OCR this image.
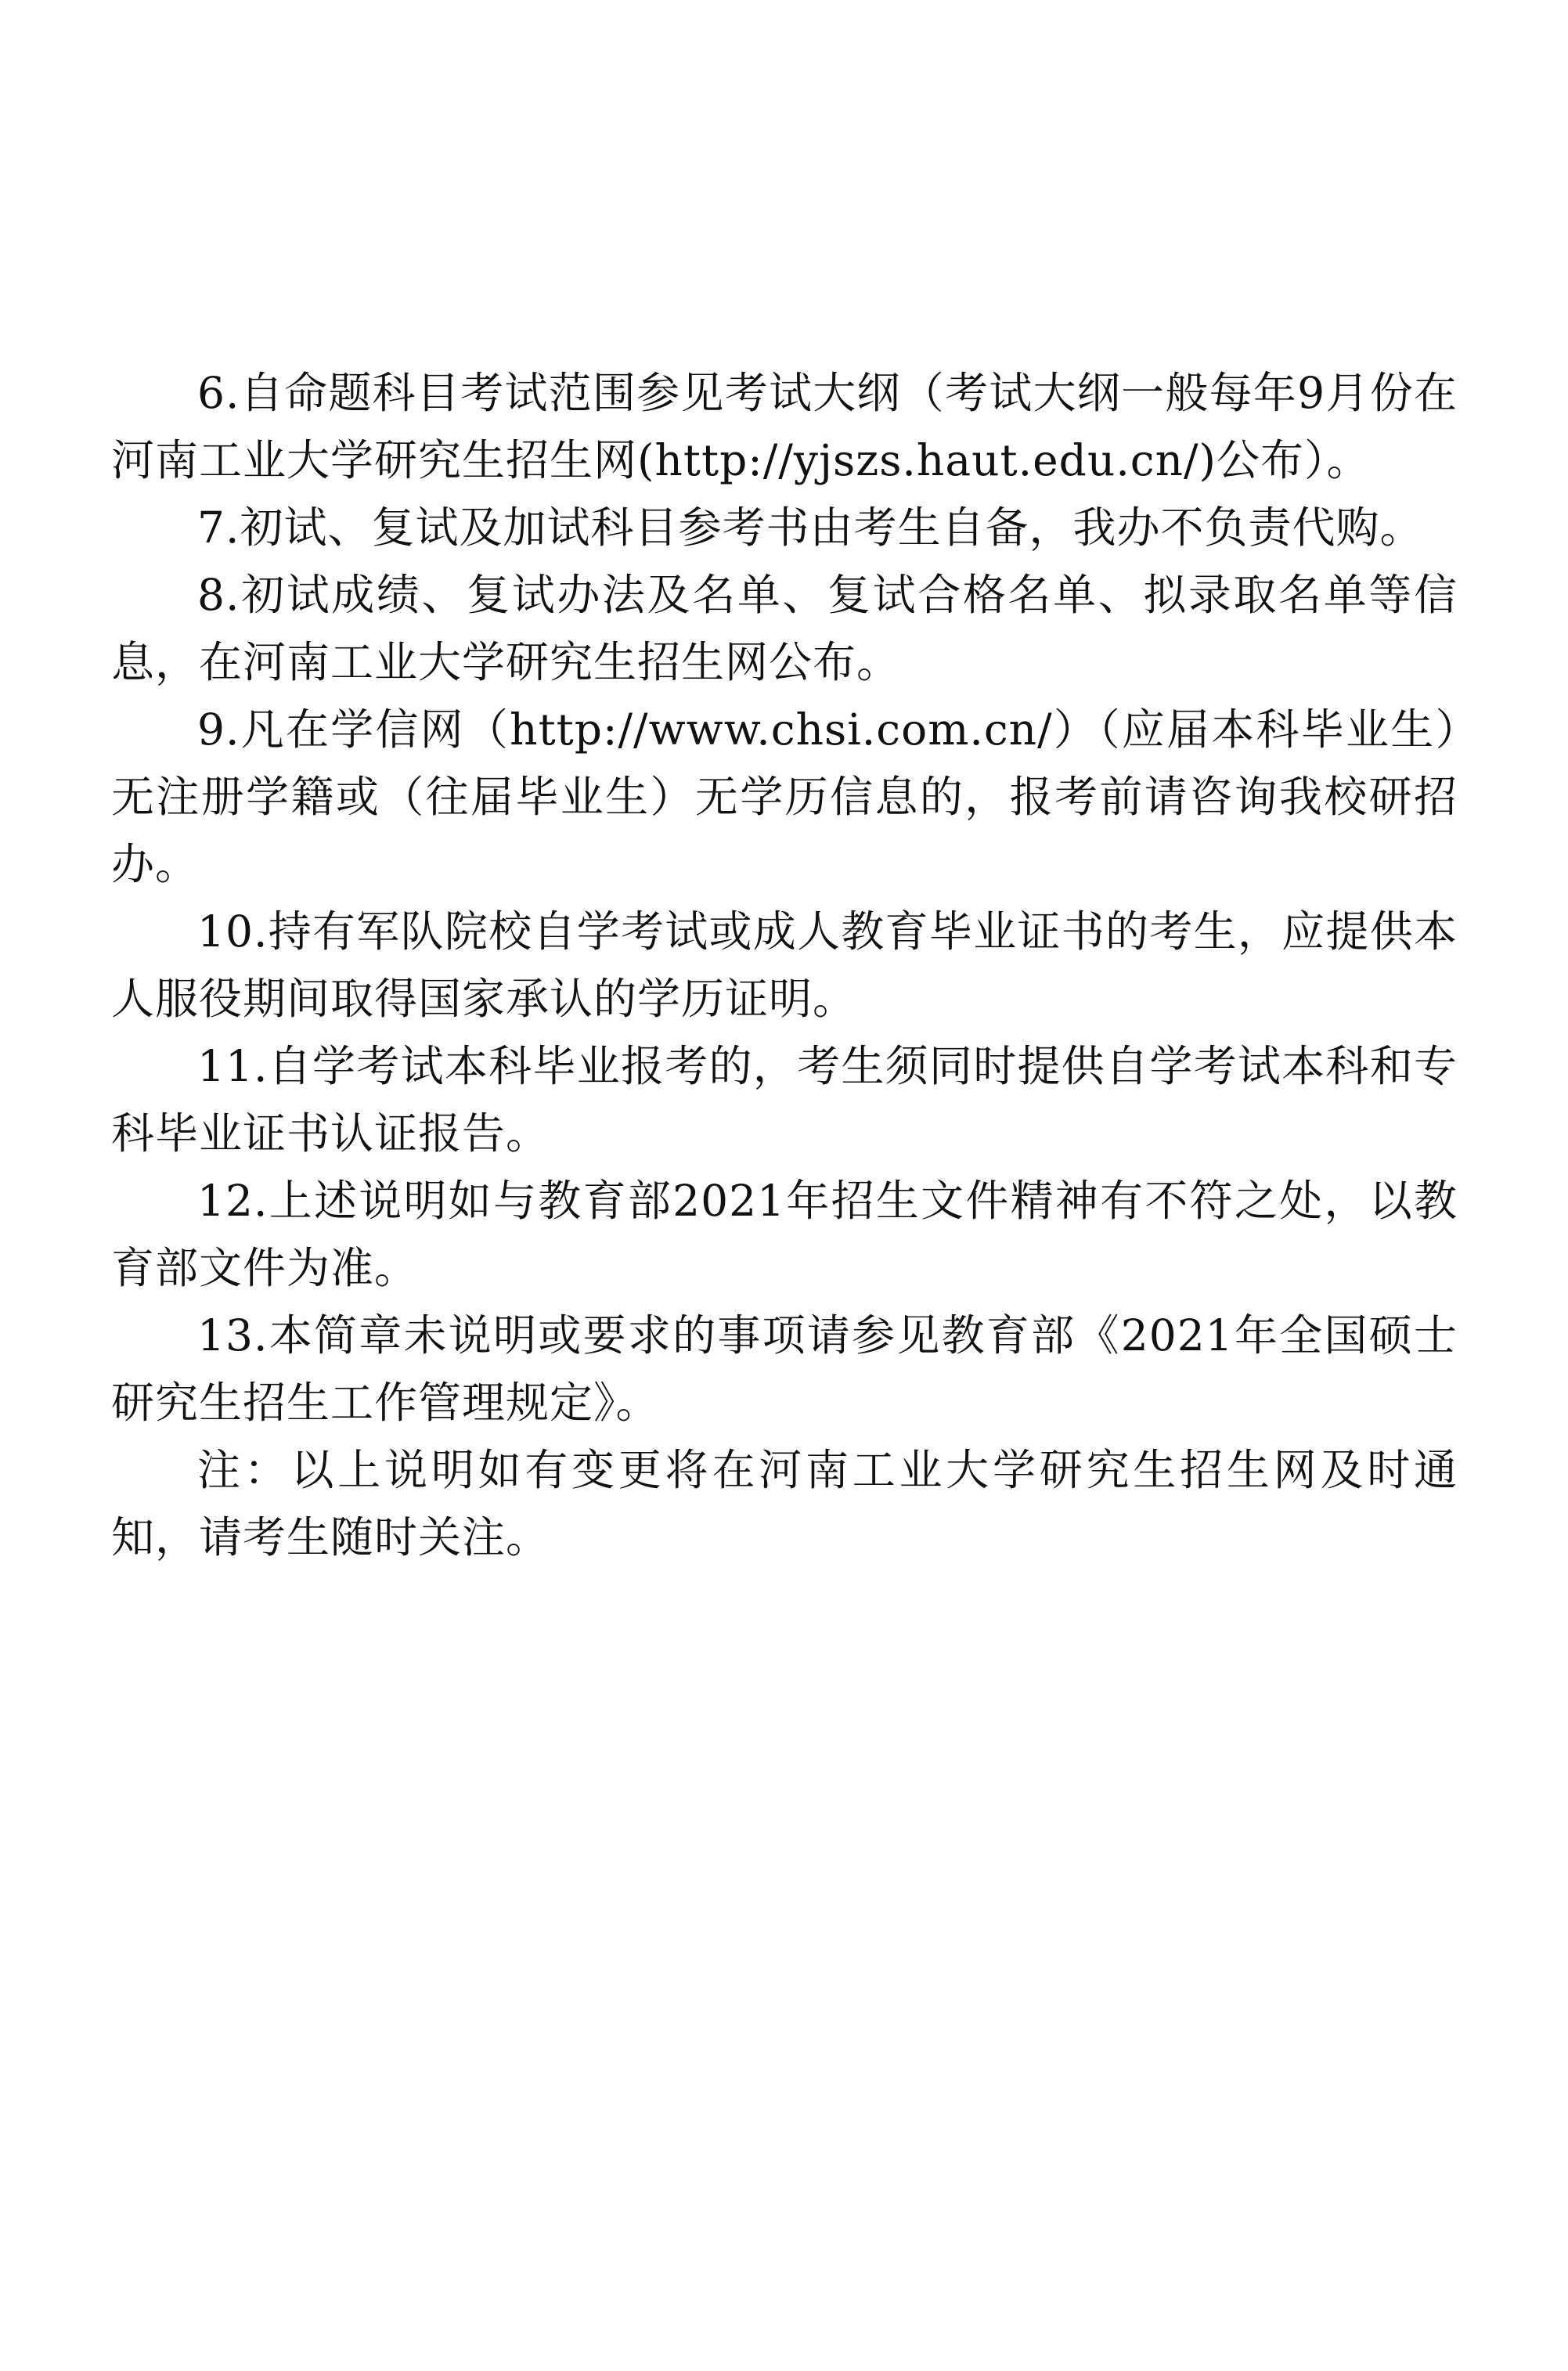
6.自命题科目考试范围参见考试大纲（考试大纲一般每年9月份在河南工业大学研究生招生网(http://yjszs.haut.edu.cn/)公布）。

7.初试、复试及加试科目参考书由考生自备，我办不负责代购。

8.初试成绩、复试办法及名单、复试合格名单、拟录取名单等信息，在河南工业大学研究生招生网公布。

9.凡在学信网（http://www.chsi.com.cn/）（应届本科毕业生）无注册学籍或（往届毕业生）无学历信息的，报考前请咨询我校研招办。

10.持有军队院校自学考试或成人教育毕业证书的考生，应提供本人服役期间取得国家承认的学历证明。

11.自学考试本科毕业报考的，考生须同时提供自学考试本科和专科毕业证书认证报告。

12.上述说明如与教育部2021年招生文件精神有不符之处，以教育部文件为准。

13.本简章未说明或要求的事项请参见教育部《2021年全国硕士研究生招生工作管理规定》。

注：以上说明如有变更将在河南工业大学研究生招生网及时通知，请考生随时关注。
